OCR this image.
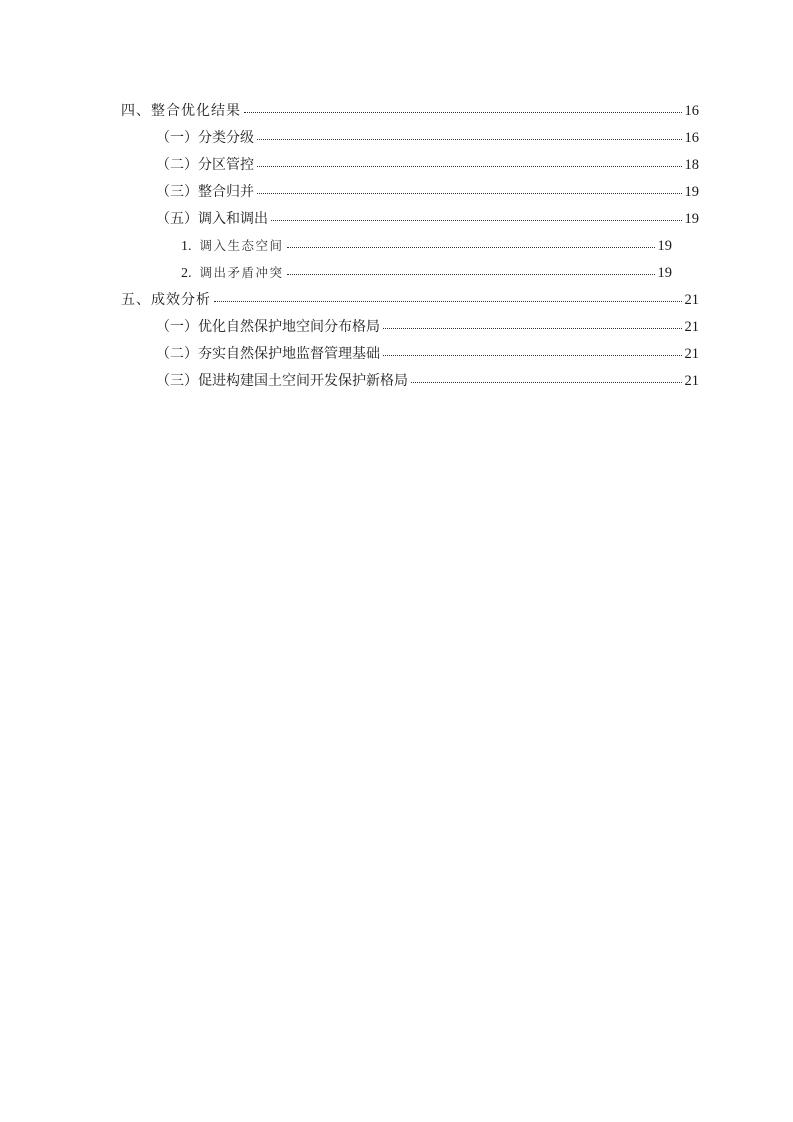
四、整合优化结果	16
（一）分类分级	16
（二）分区管控	18
（三）整合归并	19
（五）调入和调出	19
1. 调入生态空间	19
2. 调出矛盾冲突	19
五、成效分析	21
（一）优化自然保护地空间分布格局	21
（二）夯实自然保护地监督管理基础	21
（三）促进构建国土空间开发保护新格局	21
